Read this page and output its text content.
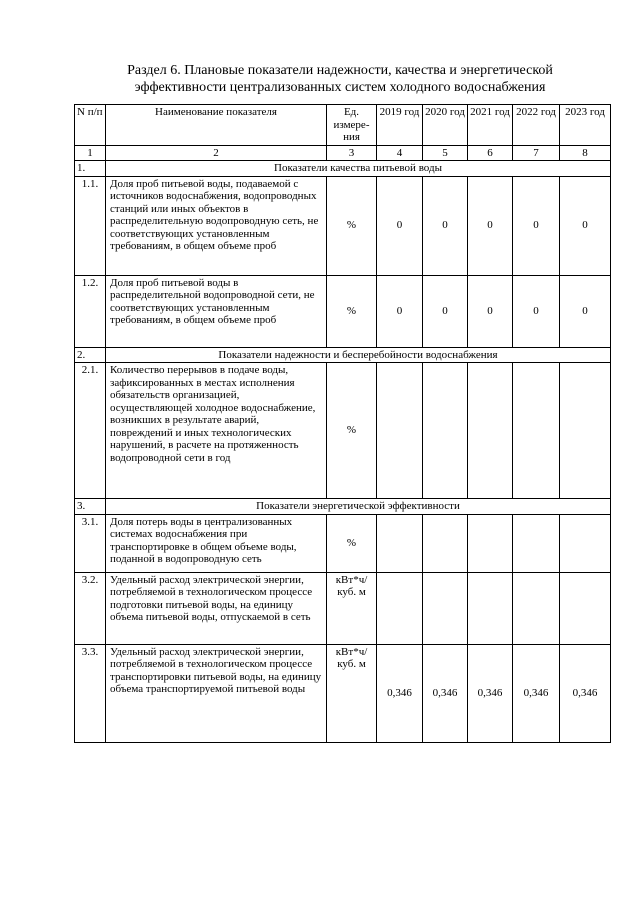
Раздел 6. Плановые показатели надежности, качества и энергетической
эффективности централизованных систем холодного водоснабжения
N п/п	Наименование показателя	Ед. измере-ния	2019 год	2020 год	2021 год	2022 год	2023 год
1	2	3	4	5	6	7	8
1.	Показатели качества питьевой воды						
1.1.	Доля проб питьевой воды, подаваемой с источников водоснабжения, водопроводных станций или иных объектов в распределительную водопроводную сеть, не соответствующих установленным требованиям, в общем объеме проб	%	0	0	0	0	0
1.2.	Доля проб питьевой воды в распределительной водопроводной сети, не соответствующих установленным требованиям, в общем объеме проб	%	0	0	0	0	0
2.	Показатели надежности и бесперебойности водоснабжения						
2.1.	Количество перерывов в подаче воды, зафиксированных в местах исполнения обязательств организацией, осуществляющей холодное водоснабжение, возникших в результате аварий, повреждений и иных технологических нарушений, в расчете на протяженность водопроводной сети в год	%					
3.	Показатели энергетической эффективности						
3.1.	Доля потерь воды в централизованных системах водоснабжения при транспортировке в общем объеме воды, поданной в водопроводную сеть	%					
3.2.	Удельный расход электрической энергии, потребляемой в технологическом процессе подготовки питьевой воды, на единицу объема питьевой воды, отпускаемой в сеть	кВт*ч/куб. м					
3.3.	Удельный расход электрической энергии, потребляемой в технологическом процессе транспортировки питьевой воды, на единицу объема транспортируемой питьевой воды	кВт*ч/куб. м	0,346	0,346	0,346	0,346	0,346
